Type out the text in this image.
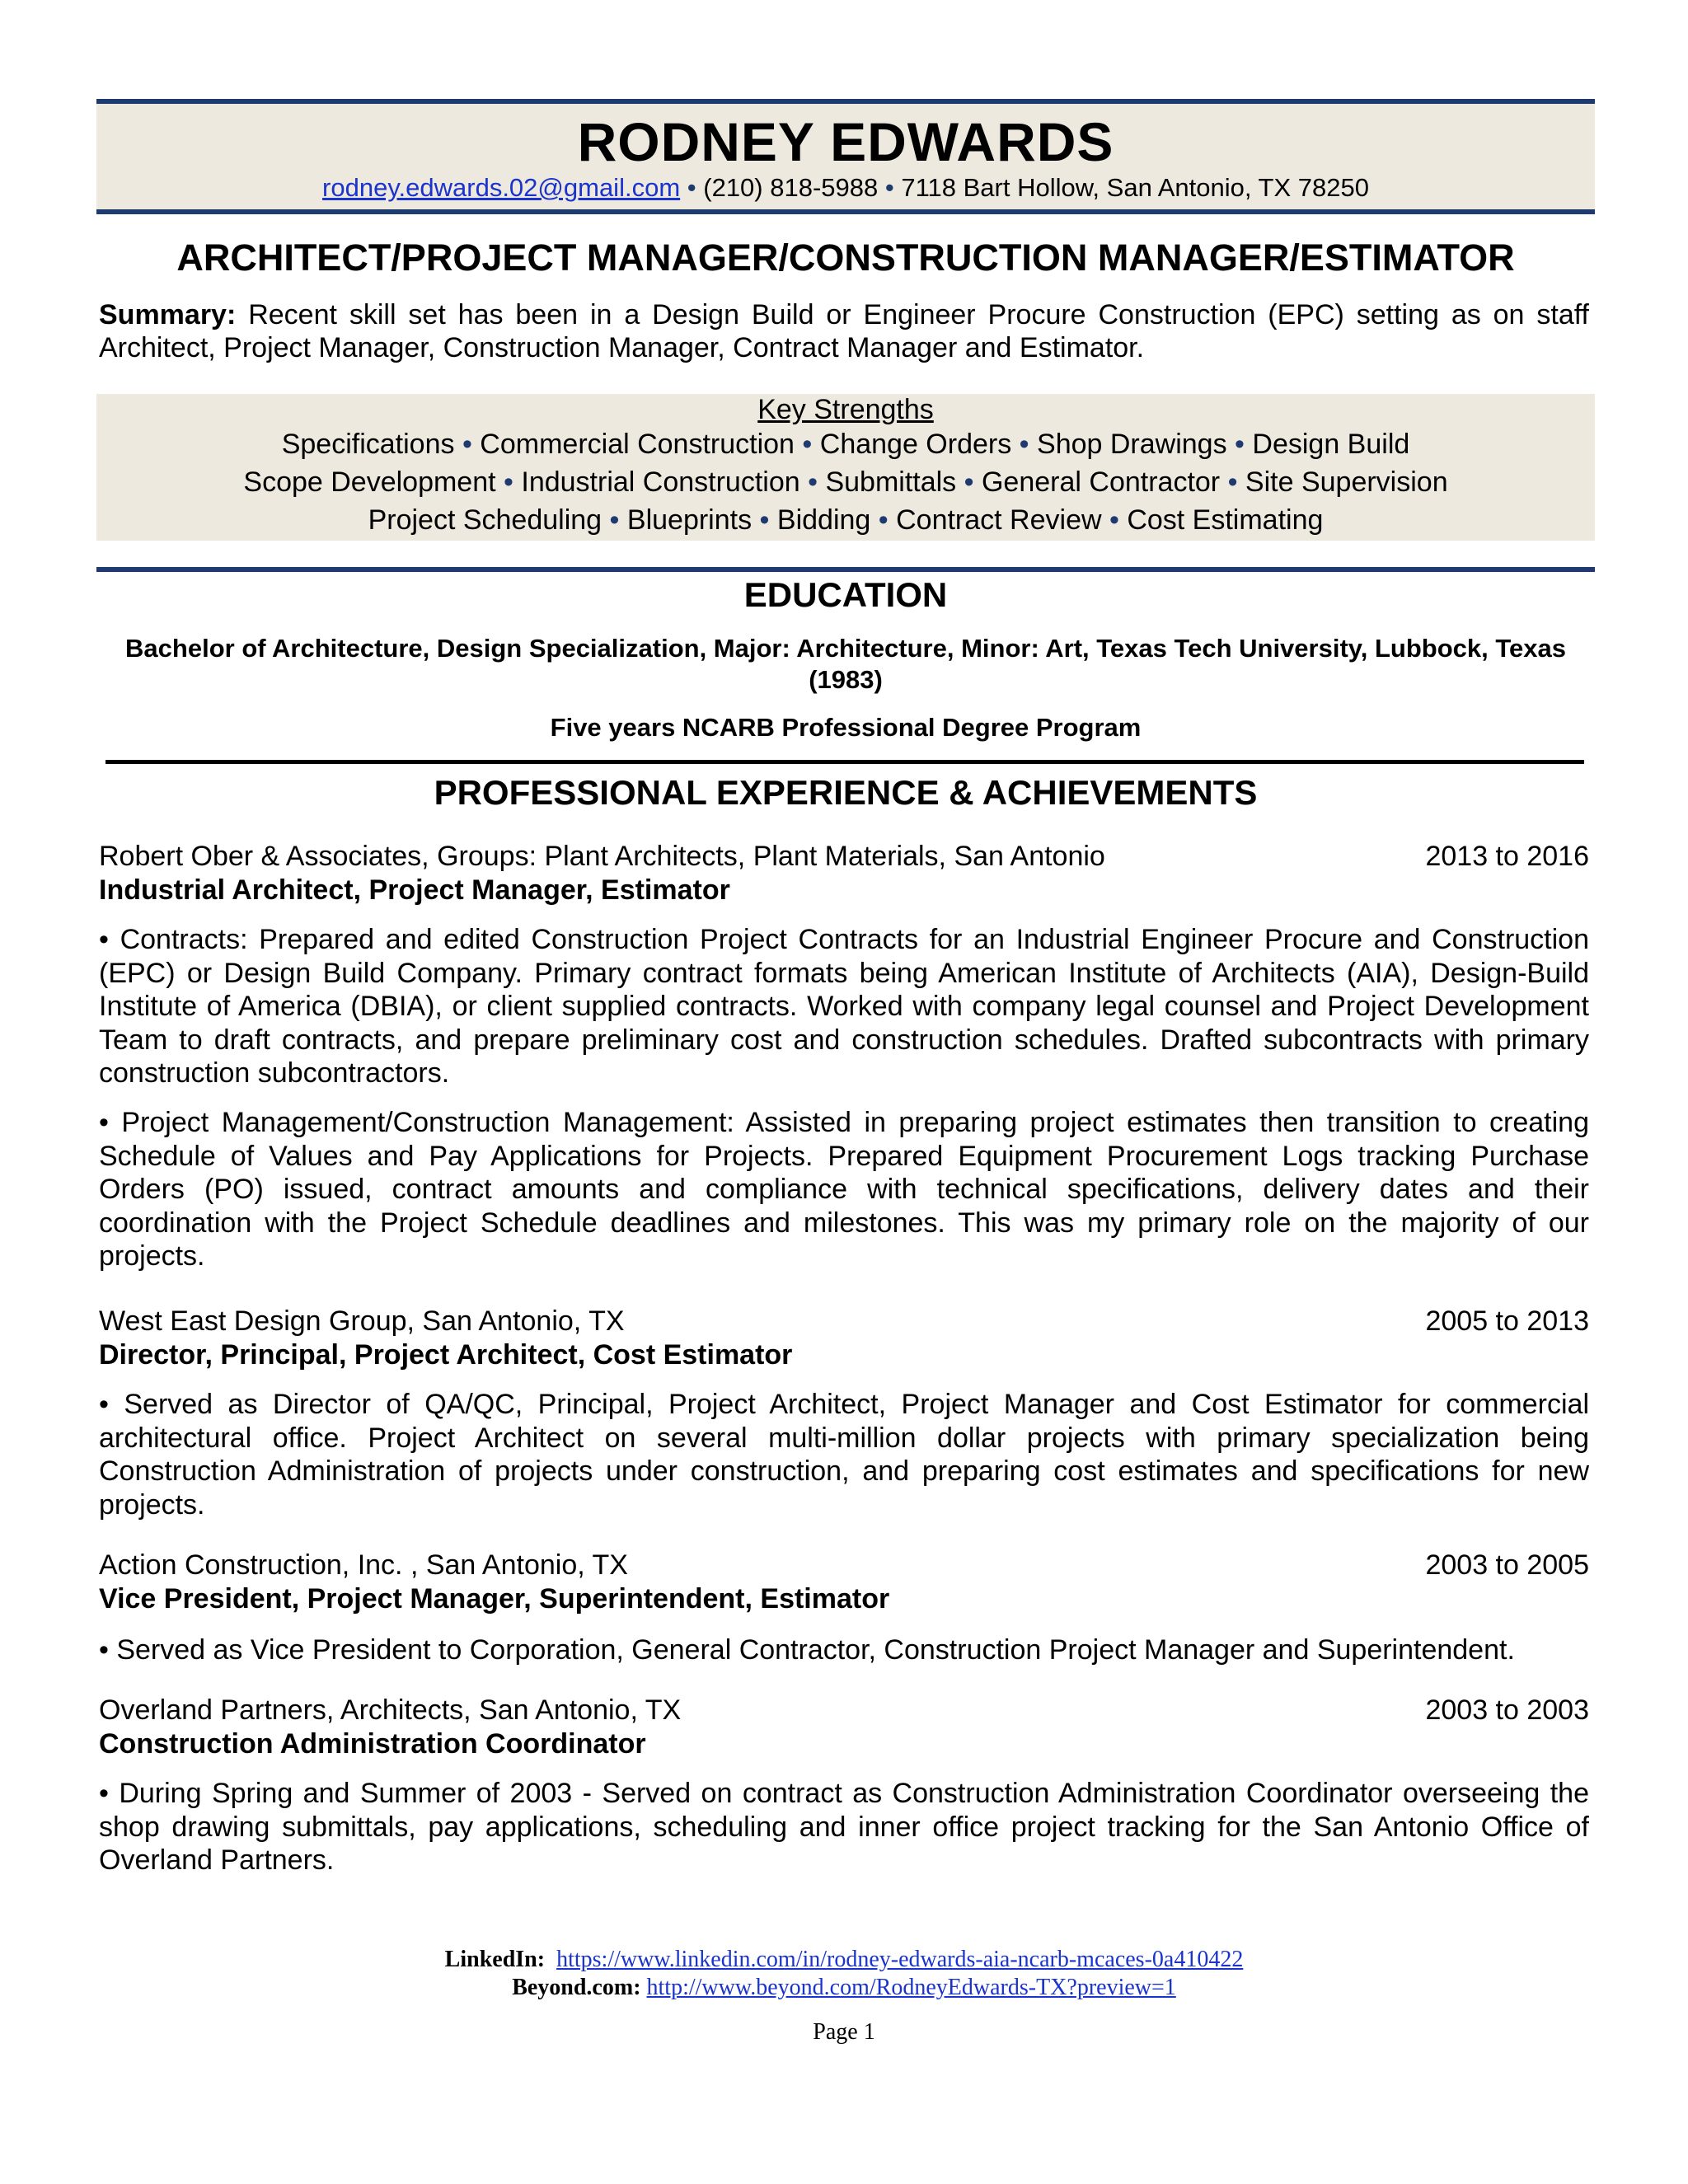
RODNEY EDWARDS
rodney.edwards.02@gmail.com • (210) 818-5988 • 7118 Bart Hollow, San Antonio, TX 78250
ARCHITECT/PROJECT MANAGER/CONSTRUCTION MANAGER/ESTIMATOR
Summary: Recent skill set has been in a Design Build or Engineer Procure Construction (EPC) setting as on staff Architect, Project Manager, Construction Manager, Contract Manager and Estimator.
Key Strengths
Specifications • Commercial Construction • Change Orders • Shop Drawings • Design Build
Scope Development • Industrial Construction • Submittals • General Contractor • Site Supervision
Project Scheduling • Blueprints • Bidding • Contract Review • Cost Estimating
EDUCATION
Bachelor of Architecture, Design Specialization, Major: Architecture, Minor: Art, Texas Tech University, Lubbock, Texas (1983)
Five years NCARB Professional Degree Program
PROFESSIONAL EXPERIENCE & ACHIEVEMENTS
Robert Ober & Associates, Groups: Plant Architects, Plant Materials, San Antonio	2013 to 2016
Industrial Architect, Project Manager, Estimator
• Contracts: Prepared and edited Construction Project Contracts for an Industrial Engineer Procure and Construction (EPC) or Design Build Company. Primary contract formats being American Institute of Architects (AIA), Design-Build Institute of America (DBIA), or client supplied contracts. Worked with company legal counsel and Project Development Team to draft contracts, and prepare preliminary cost and construction schedules. Drafted subcontracts with primary construction subcontractors.
• Project Management/Construction Management: Assisted in preparing project estimates then transition to creating Schedule of Values and Pay Applications for Projects. Prepared Equipment Procurement Logs tracking Purchase Orders (PO) issued, contract amounts and compliance with technical specifications, delivery dates and their coordination with the Project Schedule deadlines and milestones. This was my primary role on the majority of our projects.
West East Design Group, San Antonio, TX	2005 to 2013
Director, Principal, Project Architect, Cost Estimator
• Served as Director of QA/QC, Principal, Project Architect, Project Manager and Cost Estimator for commercial architectural office. Project Architect on several multi-million dollar projects with primary specialization being Construction Administration of projects under construction, and preparing cost estimates and specifications for new projects.
Action Construction, Inc. , San Antonio, TX	2003 to 2005
Vice President, Project Manager, Superintendent, Estimator
• Served as Vice President to Corporation, General Contractor, Construction Project Manager and Superintendent.
Overland Partners, Architects, San Antonio, TX	2003 to 2003
Construction Administration Coordinator
• During Spring and Summer of 2003 - Served on contract as Construction Administration Coordinator overseeing the shop drawing submittals, pay applications, scheduling and inner office project tracking for the San Antonio Office of Overland Partners.
LinkedIn: https://www.linkedin.com/in/rodney-edwards-aia-ncarb-mcaces-0a410422
Beyond.com: http://www.beyond.com/RodneyEdwards-TX?preview=1
Page 1
